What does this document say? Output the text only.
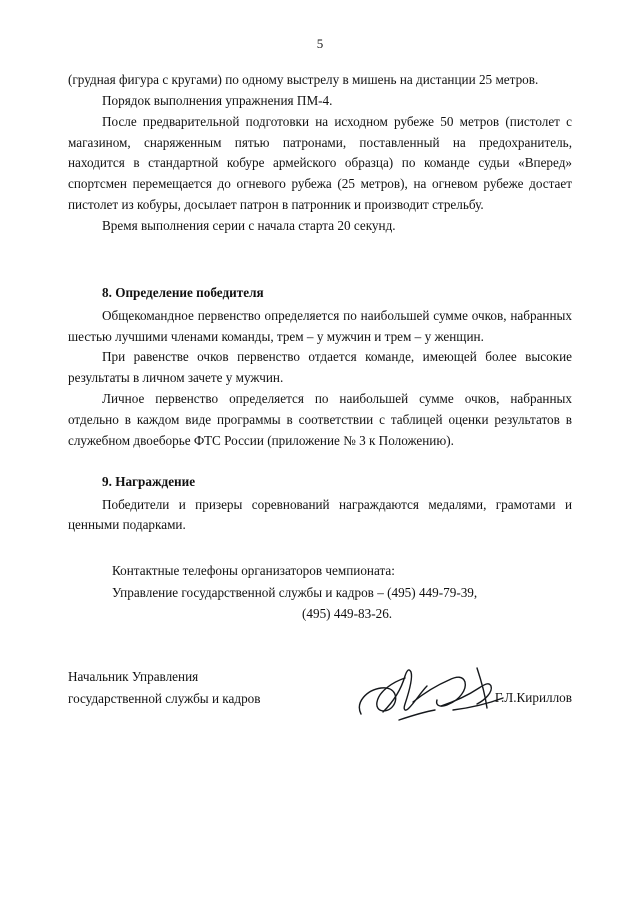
5

(грудная фигура с кругами) по одному выстрелу в мишень на дистанции 25 метров.

Порядок выполнения упражнения ПМ-4.

После предварительной подготовки на исходном рубеже 50 метров (пистолет с магазином, снаряженным пятью патронами, поставленный на предохранитель, находится в стандартной кобуре армейского образца) по команде судьи «Вперед» спортсмен перемещается до огневого рубежа (25 метров), на огневом рубеже достает пистолет из кобуры, досылает патрон в патронник и производит стрельбу.

Время выполнения серии с начала старта 20 секунд.

8. Определение победителя

Общекомандное первенство определяется по наибольшей сумме очков, набранных шестью лучшими членами команды, трем – у мужчин и трем – у женщин.

При равенстве очков первенство отдается команде, имеющей более высокие результаты в личном зачете у мужчин.

Личное первенство определяется по наибольшей сумме очков, набранных отдельно в каждом виде программы в соответствии с таблицей оценки результатов в служебном двоеборье ФТС России (приложение № 3 к Положению).

9. Награждение

Победители и призеры соревнований награждаются медалями, грамотами и ценными подарками.

Контактные телефоны организаторов чемпионата:
Управление государственной службы и кадров – (495) 449-79-39,
(495) 449-83-26.
Начальник Управления
государственной службы и кадров	Г.Л.Кириллов
